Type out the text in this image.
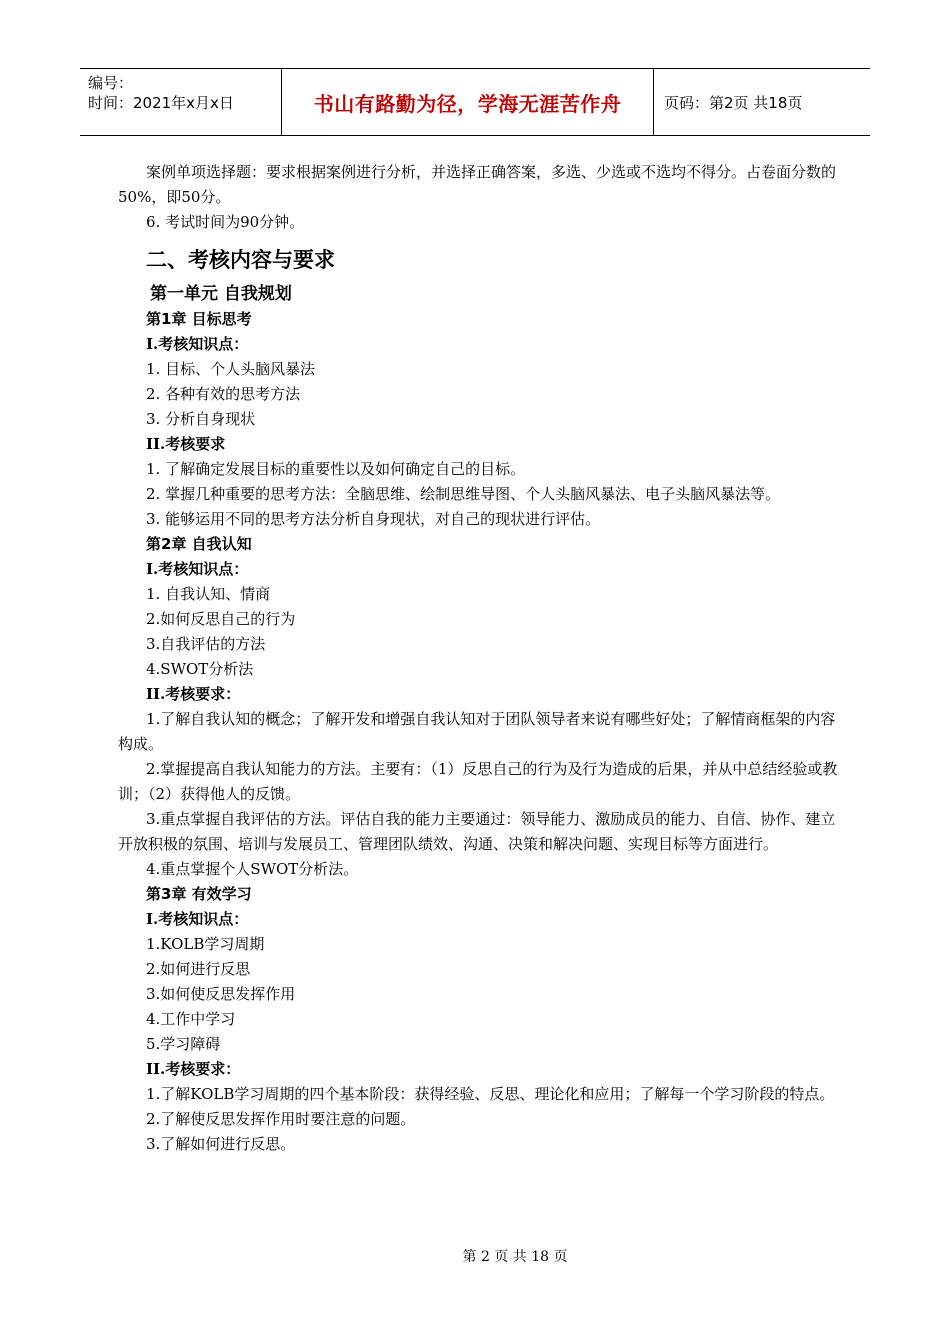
编号：
时间：2021年x月x日	书山有路勤为径，学海无涯苦作舟	页码：第2页 共18页

案例单项选择题：要求根据案例进行分析，并选择正确答案，多选、少选或不选均不得分。占卷面分数的50%，即50分。

6. 考试时间为90分钟。

二、考核内容与要求
第一单元 自我规划
第1章 目标思考
I.考核知识点：
1. 目标、个人头脑风暴法
2. 各种有效的思考方法
3. 分析自身现状
II.考核要求

1. 了解确定发展目标的重要性以及如何确定自己的目标。

2. 掌握几种重要的思考方法：全脑思维、绘制思维导图、个人头脑风暴法、电子头脑风暴法等。

3. 能够运用不同的思考方法分析自身现状，对自己的现状进行评估。

第2章 自我认知
I.考核知识点：
1. 自我认知、情商
2.如何反思自己的行为
3.自我评估的方法
4.SWOT分析法
II.考核要求：

1.了解自我认知的概念；了解开发和增强自我认知对于团队领导者来说有哪些好处；了解情商框架的内容构成。

2.掌握提高自我认知能力的方法。主要有：（1）反思自己的行为及行为造成的后果，并从中总结经验或教训；（2）获得他人的反馈。

3.重点掌握自我评估的方法。评估自我的能力主要通过：领导能力、激励成员的能力、自信、协作、建立开放积极的氛围、培训与发展员工、管理团队绩效、沟通、决策和解决问题、实现目标等方面进行。

4.重点掌握个人SWOT分析法。

第3章 有效学习
I.考核知识点：
1.KOLB学习周期
2.如何进行反思
3.如何使反思发挥作用
4.工作中学习
5.学习障碍
II.考核要求：

1.了解KOLB学习周期的四个基本阶段：获得经验、反思、理论化和应用；了解每一个学习阶段的特点。

2.了解使反思发挥作用时要注意的问题。

3.了解如何进行反思。

第 2 页 共 18 页
